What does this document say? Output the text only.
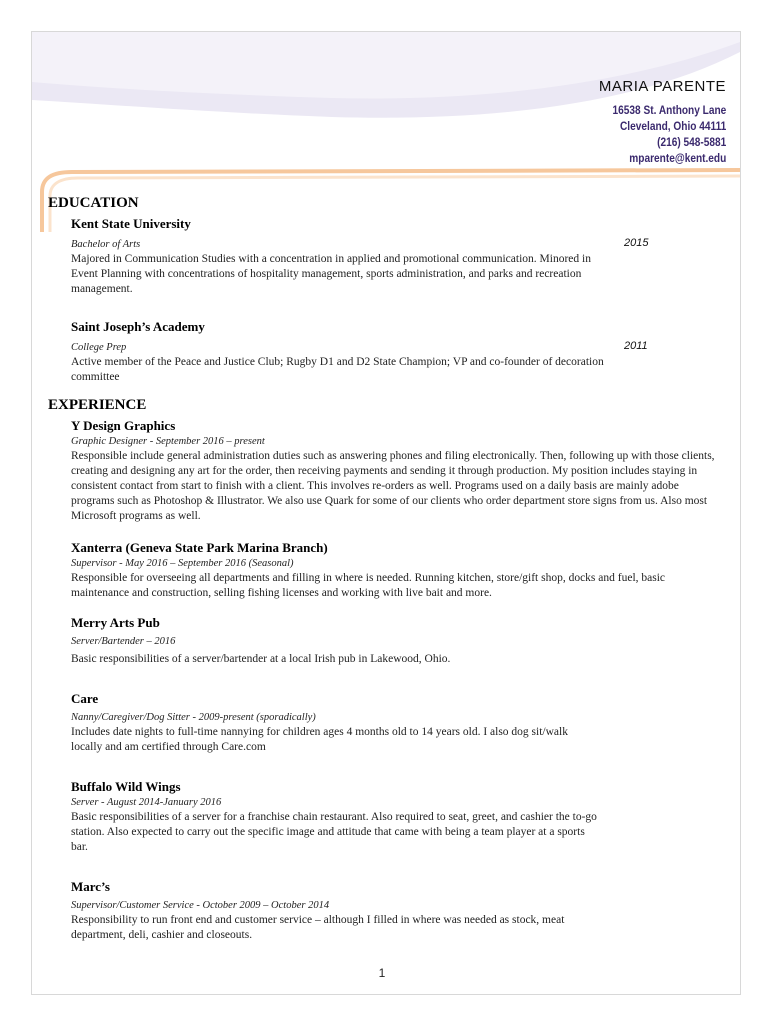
MARIA PARENTE
16538 St. Anthony Lane
Cleveland, Ohio 44111
(216) 548-5881
mparente@kent.edu
EDUCATION
Kent State University
Bachelor of Arts	2015
Majored in Communication Studies with a concentration in applied and promotional communication. Minored in Event Planning with concentrations of hospitality management, sports administration, and parks and recreation management.
Saint Joseph’s Academy
College Prep	2011
Active member of the Peace and Justice Club; Rugby D1 and D2 State Champion; VP and co-founder of decoration committee
EXPERIENCE
Y Design Graphics
Graphic Designer - September 2016 – present
Responsible include general administration duties such as answering phones and filing electronically. Then, following up with those clients, creating and designing any art for the order, then receiving payments and sending it through production. My position includes staying in consistent contact from start to finish with a client. This involves re-orders as well. Programs used on a daily basis are mainly adobe programs such as Photoshop & Illustrator. We also use Quark for some of our clients who order department store signs from us. Also most Microsoft programs as well.
Xanterra (Geneva State Park Marina Branch)
Supervisor - May 2016 – September 2016 (Seasonal)
Responsible for overseeing all departments and filling in where is needed. Running kitchen, store/gift shop, docks and fuel, basic maintenance and construction, selling fishing licenses and working with live bait and more.
Merry Arts Pub
Server/Bartender – 2016
Basic responsibilities of a server/bartender at a local Irish pub in Lakewood, Ohio.
Care
Nanny/Caregiver/Dog Sitter - 2009-present (sporadically)
Includes date nights to full-time nannying for children ages 4 months old to 14 years old. I also dog sit/walk locally and am certified through Care.com
Buffalo Wild Wings
Server - August 2014-January 2016
Basic responsibilities of a server for a franchise chain restaurant. Also required to seat, greet, and cashier the to-go station. Also expected to carry out the specific image and attitude that came with being a team player at a sports bar.
Marc’s
Supervisor/Customer Service - October 2009 – October 2014
Responsibility to run front end and customer service – although I filled in where was needed as stock, meat department, deli, cashier and closeouts.
1
